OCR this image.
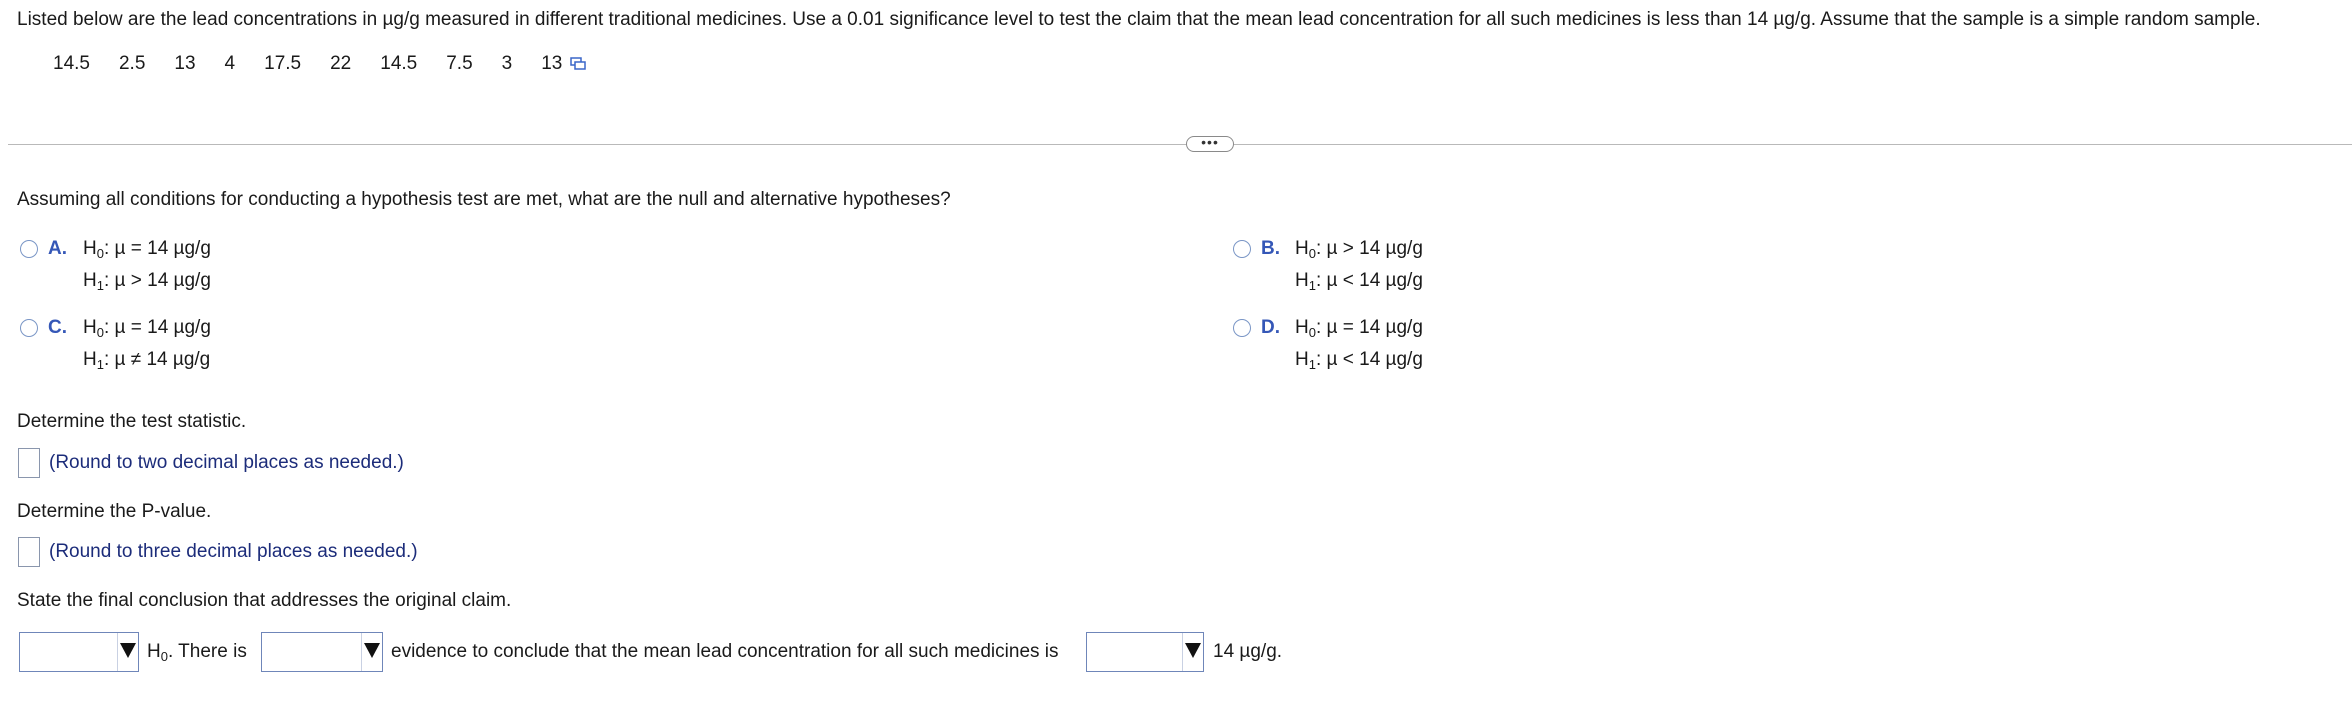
Listed below are the lead concentrations in µg/g measured in different traditional medicines. Use a 0.01 significance level to test the claim that the mean lead concentration for all such medicines is less than 14 µg/g. Assume that the sample is a simple random sample.
14.5 2.5 13 4 17.5 22 14.5 7.5 3 13
•••
Assuming all conditions for conducting a hypothesis test are met, what are the null and alternative hypotheses?
A. $H_0$: µ = 14 µg/g
$H_1$: µ > 14 µg/g
B. $H_0$: µ > 14 µg/g
$H_1$: µ < 14 µg/g
C. $H_0$: µ = 14 µg/g
$H_1$: µ ≠ 14 µg/g
D. $H_0$: µ = 14 µg/g
$H_1$: µ < 14 µg/g
Determine the test statistic.
(Round to two decimal places as needed.)
Determine the P-value.
(Round to three decimal places as needed.)
State the final conclusion that addresses the original claim.
$H_0$. There is	evidence to conclude that the mean lead concentration for all such medicines is	14 µg/g.
